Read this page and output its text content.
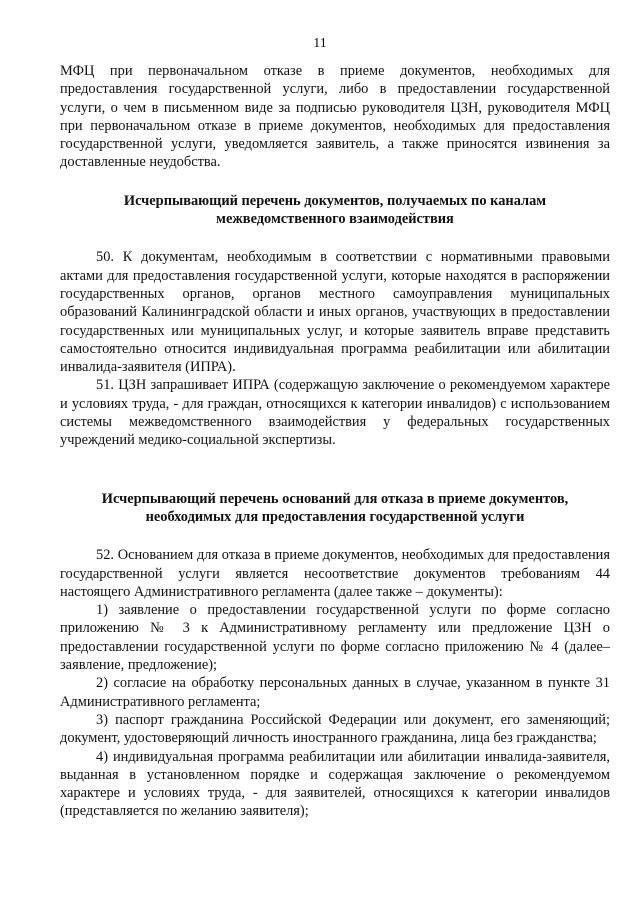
11

МФЦ при первоначальном отказе в приеме документов, необходимых для предоставления государственной услуги, либо в предоставлении государственной услуги, о чем в письменном виде за подписью руководителя ЦЗН, руководителя МФЦ при первоначальном отказе в приеме документов, необходимых для предоставления государственной услуги, уведомляется заявитель, а также приносятся извинения за доставленные неудобства.

Исчерпывающий перечень документов, получаемых по каналам межведомственного взаимодействия

50. К документам, необходимым в соответствии с нормативными правовыми актами для предоставления государственной услуги, которые находятся в распоряжении государственных органов, органов местного самоуправления муниципальных образований Калининградской области и иных органов, участвующих в предоставлении государственных или муниципальных услуг, и которые заявитель вправе представить самостоятельно относится индивидуальная программа реабилитации или абилитации инвалида-заявителя (ИПРА).

51. ЦЗН запрашивает ИПРА (содержащую заключение о рекомендуемом характере и условиях труда, - для граждан, относящихся к категории инвалидов) с использованием системы межведомственного взаимодействия у федеральных государственных учреждений медико-социальной экспертизы.

Исчерпывающий перечень оснований для отказа в приеме документов, необходимых для предоставления государственной услуги

52. Основанием для отказа в приеме документов, необходимых для предоставления государственной услуги является несоответствие документов требованиям 44 настоящего Административного регламента (далее также – документы):

1) заявление о предоставлении государственной услуги по форме согласно приложению № 3 к Административному регламенту или предложение ЦЗН о предоставлении государственной услуги по форме согласно приложению № 4 (далее– заявление, предложение);

2) согласие на обработку персональных данных в случае, указанном в пункте 31 Административного регламента;

3) паспорт гражданина Российской Федерации или документ, его заменяющий; документ, удостоверяющий личность иностранного гражданина, лица без гражданства;

4) индивидуальная программа реабилитации или абилитации инвалида-заявителя, выданная в установленном порядке и содержащая заключение о рекомендуемом характере и условиях труда, - для заявителей, относящихся к категории инвалидов (представляется по желанию заявителя);
